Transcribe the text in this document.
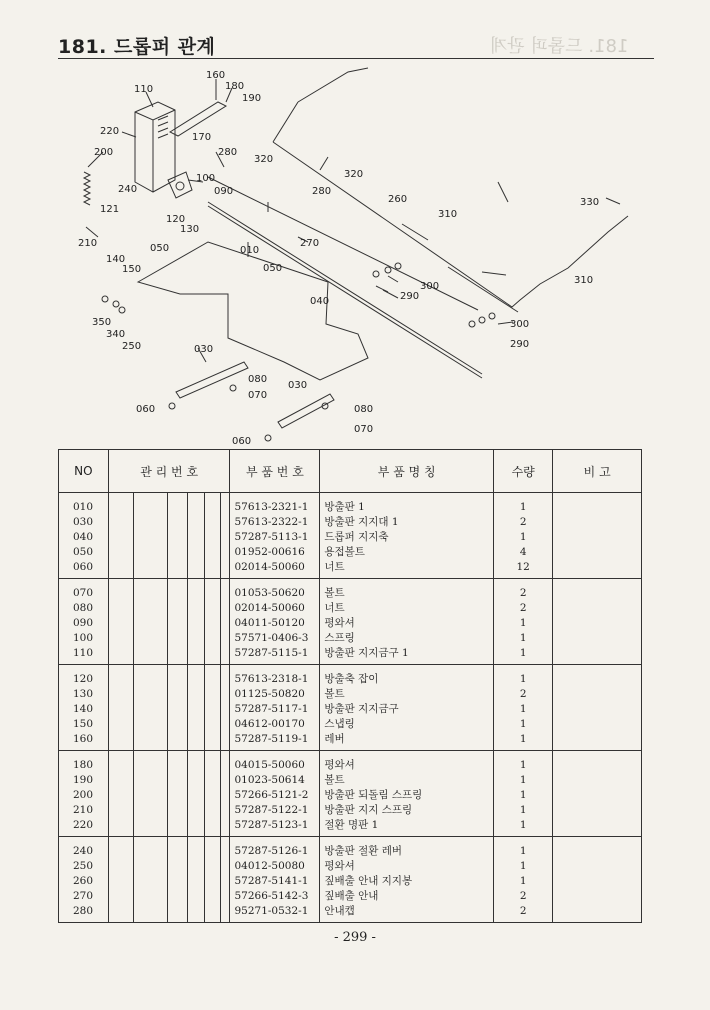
181. 드롭퍼 관계	181. 드롭퍼 관계
110
160
180
190
220
170
200	280
320
320
240
100
090	280
260
310
330
121
120
130
270
210
140
150
050	010
050
300
310
290
040
350
340
250
300
290
030
080
070
060
030
080
070
060
NO	관 리 번 호						부 품 번 호	부 품 명 칭	수량	비 고
010							57613-2321-1	방출판 1	1	
030							57613-2322-1	방출판 지지대 1	2	
040							57287-5113-1	드롭퍼 지지축	1	
050							01952-00616	용접볼트	4	
060							02014-50060	너트	12	
070							01053-50620	볼트	2	
080							02014-50060	너트	2	
090							04011-50120	평와셔	1	
100							57571-0406-3	스프링	1	
110							57287-5115-1	방출판 지지금구 1	1	
120							57613-2318-1	방출축 잡이	1	
130							01125-50820	볼트	2	
140							57287-5117-1	방출판 지지금구	1	
150							04612-00170	스냅링	1	
160							57287-5119-1	레버	1	
180							04015-50060	평와셔	1	
190							01023-50614	볼트	1	
200							57266-5121-2	방출판 되돌림 스프링	1	
210							57287-5122-1	방출판 지지 스프링	1	
220							57287-5123-1	절환 명판 1	1	
240							57287-5126-1	방출판 절환 레버	1	
250							04012-50080	평와셔	1	
260							57287-5141-1	짚배출 안내 지지봉	1	
270							57266-5142-3	짚배출 안내	2	
280							95271-0532-1	안내캡	2	
- 299 -
